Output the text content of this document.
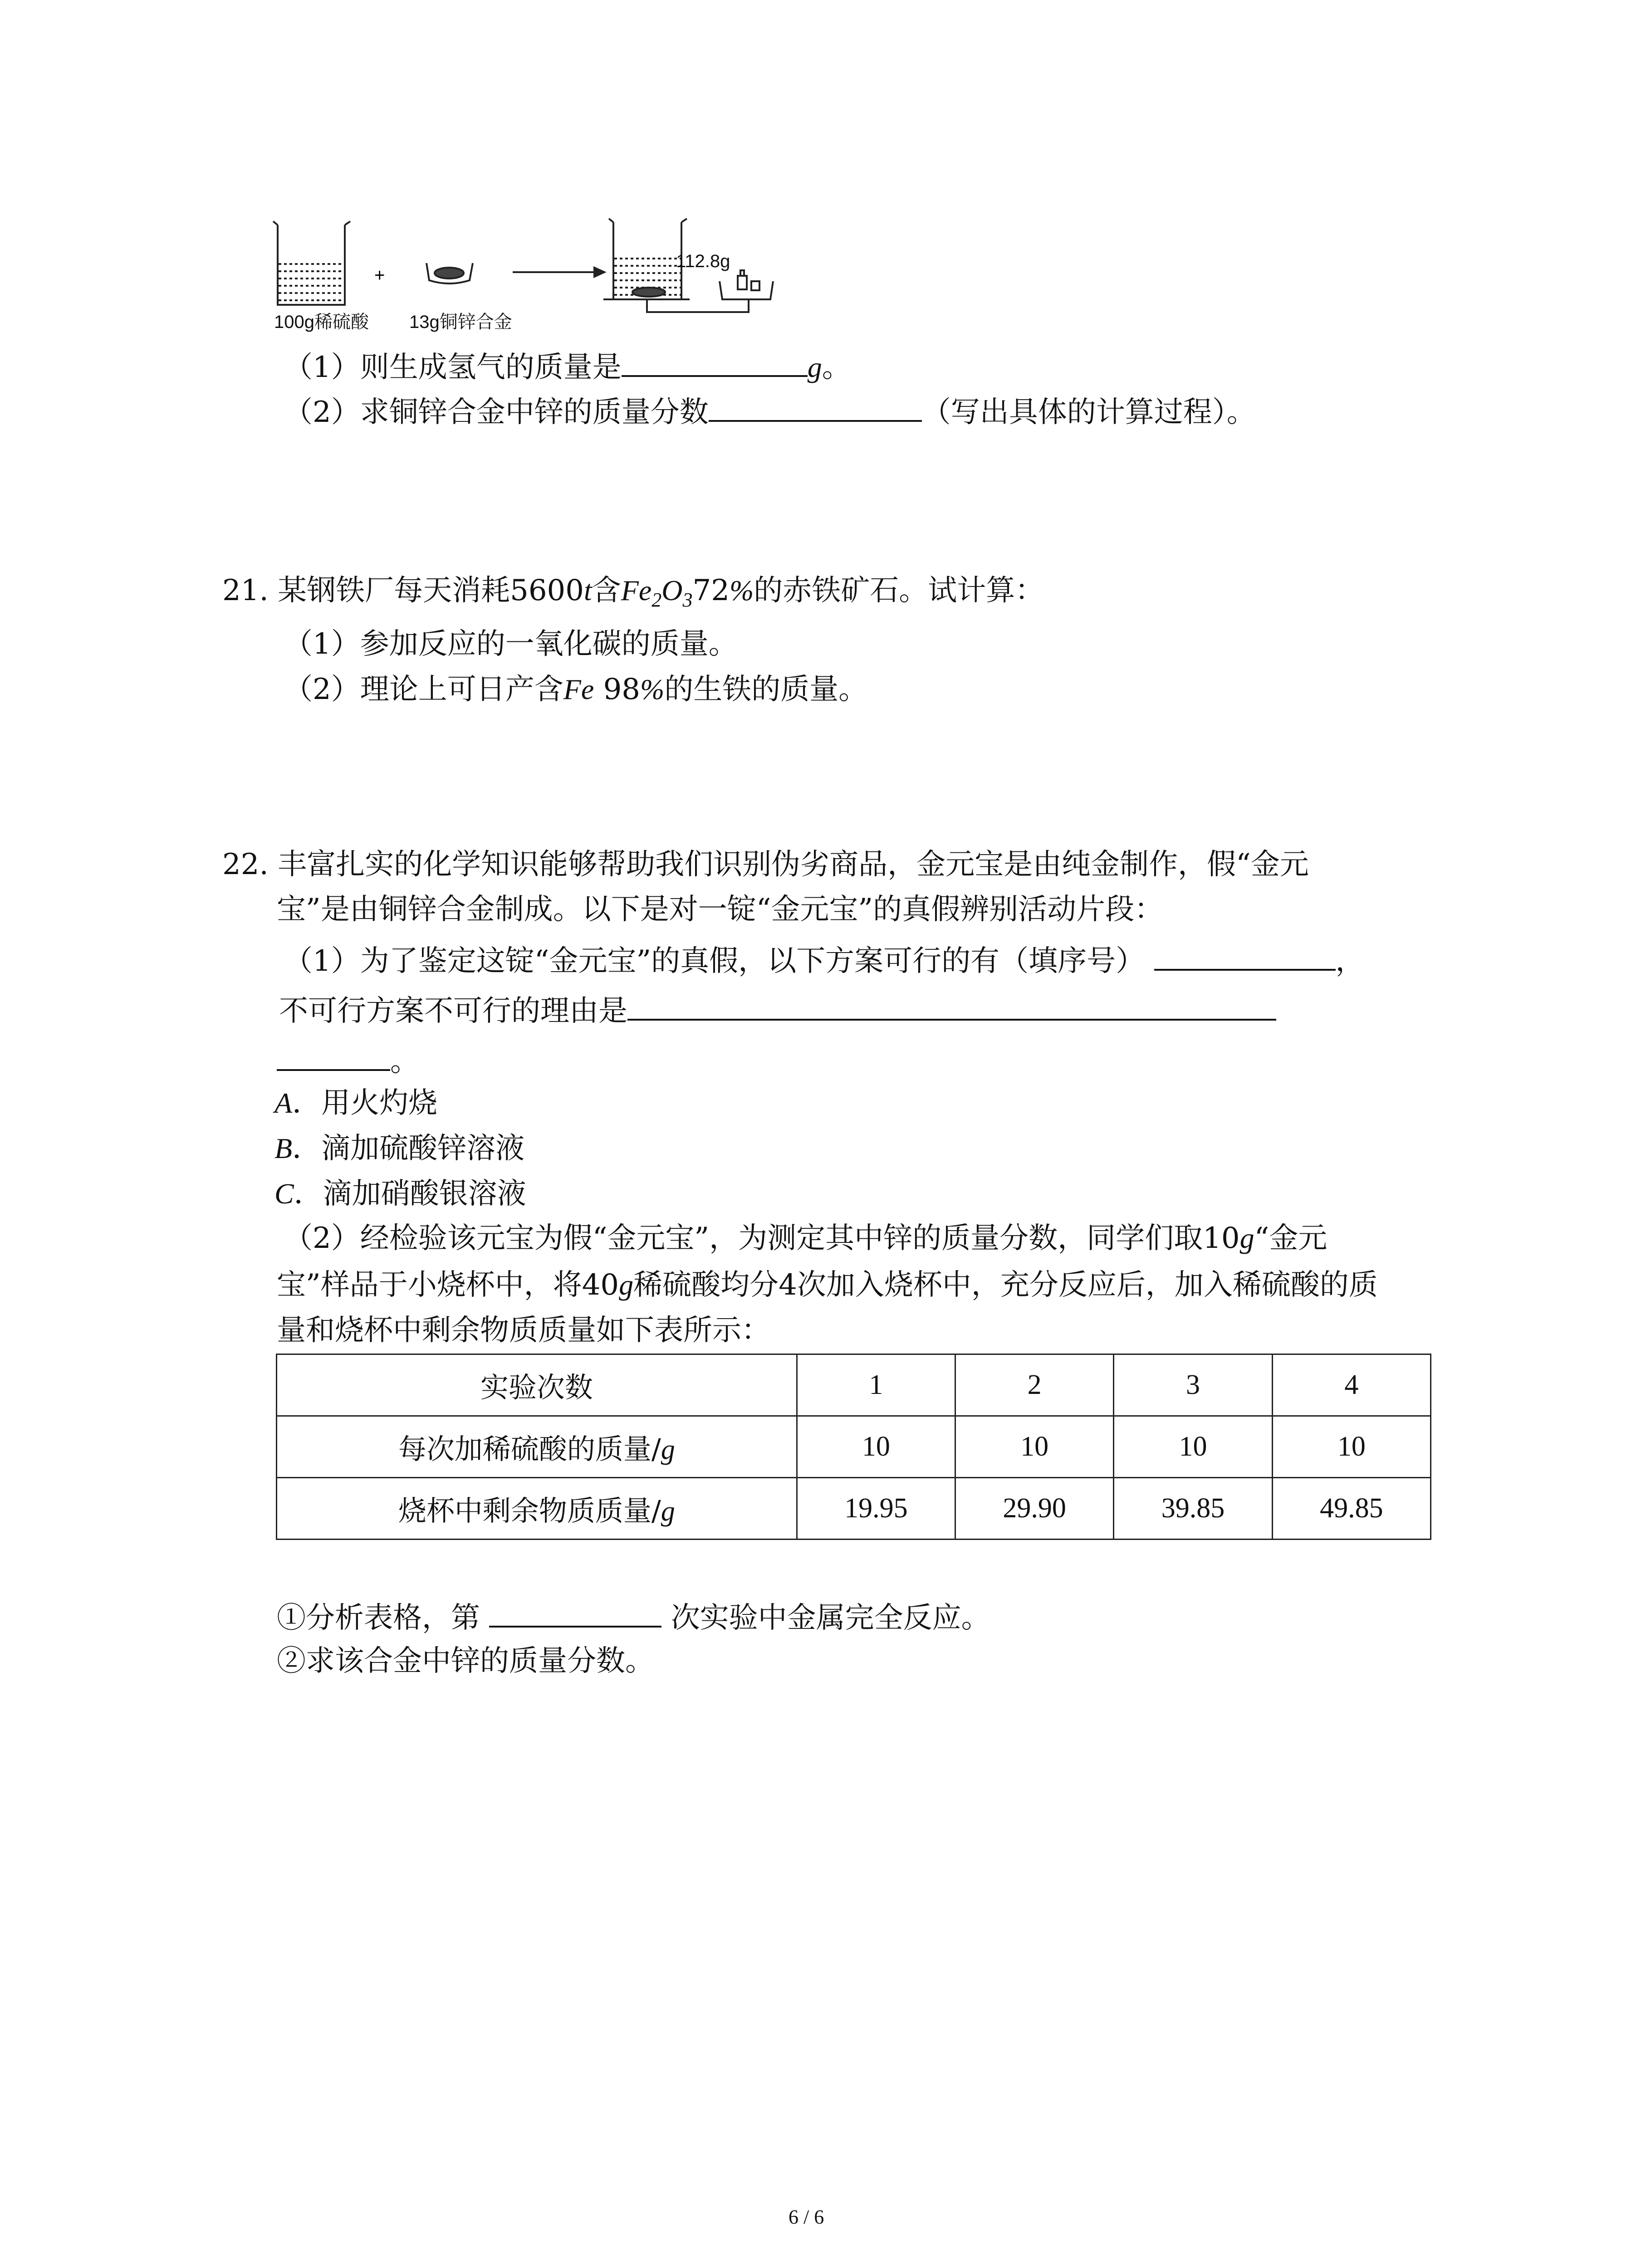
+
112.8g
100g稀硫酸 13g铜锌合金
（1）则生成氢气的质量是	g。
（2）求铜锌合金中锌的质量分数	（写出具体的计算过程）。
21. 某钢铁厂每天消耗5600t含$Fe_2O_372\%$的赤铁矿石。试计算：
（1）参加反应的一氧化碳的质量。
（2）理论上可日产含Fe 98%的生铁的质量。
22. 丰富扎实的化学知识能够帮助我们识别伪劣商品，金元宝是由纯金制作，假“金元
宝”是由铜锌合金制成。以下是对一锭“金元宝”的真假辨别活动片段：
（1）为了鉴定这锭“金元宝”的真假，以下方案可行的有（填序号）	，
不可行方案不可行的理由是
。
A．用火灼烧
B．滴加硫酸锌溶液
C．滴加硝酸银溶液
（2）经检验该元宝为假“金元宝”，为测定其中锌的质量分数，同学们取10g“金元
宝”样品于小烧杯中，将40g稀硫酸均分4次加入烧杯中，充分反应后，加入稀硫酸的质
量和烧杯中剩余物质质量如下表所示：
实验次数	1	2	3	4
每次加稀硫酸的质量/g	10	10	10	10
烧杯中剩余物质质量/g	19.95	29.90	39.85	49.85
①分析表格，第	次实验中金属完全反应。
②求该合金中锌的质量分数。
6 / 6
